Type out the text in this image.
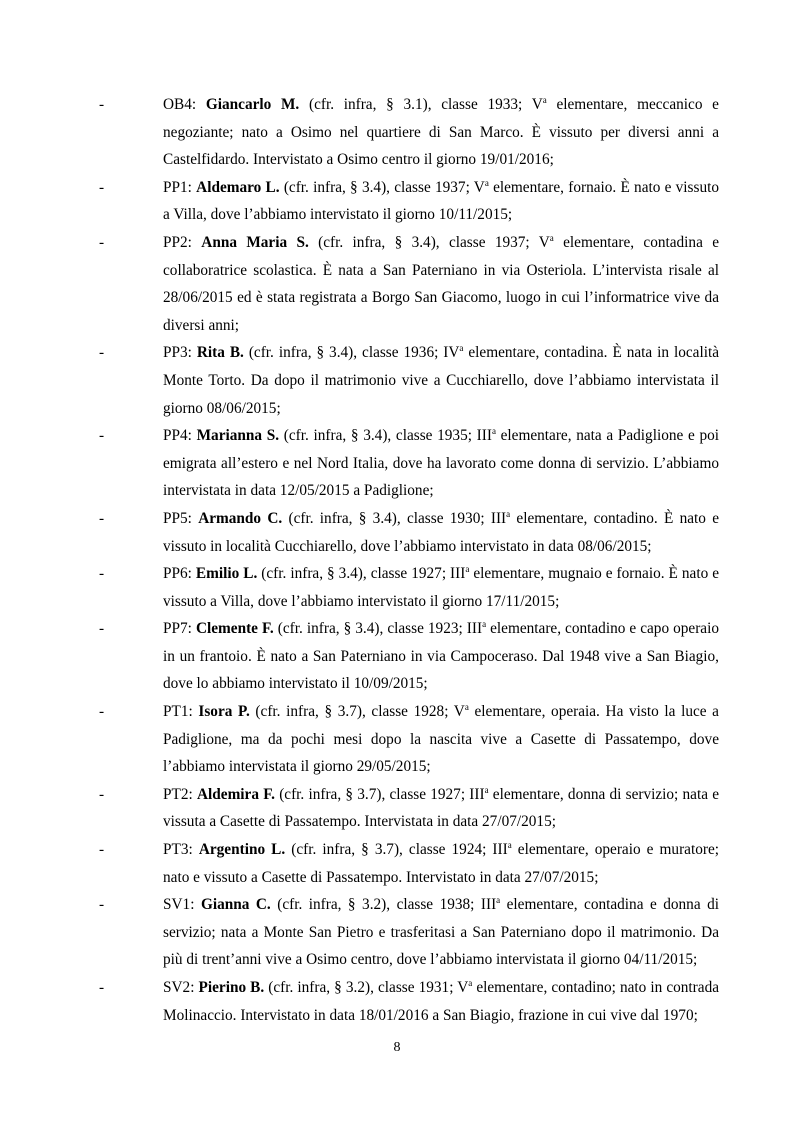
-	OB4: Giancarlo M. (cfr. infra, § 3.1), classe 1933; $V^a$ elementare, meccanico e negoziante; nato a Osimo nel quartiere di San Marco. È vissuto per diversi anni a Castelfidardo. Intervistato a Osimo centro il giorno 19/01/2016;
-	PP1: Aldemaro L. (cfr. infra, § 3.4), classe 1937; $V^a$ elementare, fornaio. È nato e vissuto a Villa, dove l’abbiamo intervistato il giorno 10/11/2015;
-	PP2: Anna Maria S. (cfr. infra, § 3.4), classe 1937; $V^a$ elementare, contadina e collaboratrice scolastica. È nata a San Paterniano in via Osteriola. L’intervista risale al 28/06/2015 ed è stata registrata a Borgo San Giacomo, luogo in cui l’informatrice vive da diversi anni;
-	PP3: Rita B. (cfr. infra, § 3.4), classe 1936; $IV^a$ elementare, contadina. È nata in località Monte Torto. Da dopo il matrimonio vive a Cucchiarello, dove l’abbiamo intervistata il giorno 08/06/2015;
-	PP4: Marianna S. (cfr. infra, § 3.4), classe 1935; III$^a$ elementare, nata a Padiglione e poi emigrata all’estero e nel Nord Italia, dove ha lavorato come donna di servizio. L’abbiamo intervistata in data 12/05/2015 a Padiglione;
-	PP5: Armando C. (cfr. infra, § 3.4), classe 1930; III$^a$ elementare, contadino. È nato e vissuto in località Cucchiarello, dove l’abbiamo intervistato in data 08/06/2015;
-	PP6: Emilio L. (cfr. infra, § 3.4), classe 1927; III$^a$ elementare, mugnaio e fornaio. È nato e vissuto a Villa, dove l’abbiamo intervistato il giorno 17/11/2015;
-	PP7: Clemente F. (cfr. infra, § 3.4), classe 1923; III$^a$ elementare, contadino e capo operaio in un frantoio. È nato a San Paterniano in via Campoceraso. Dal 1948 vive a San Biagio, dove lo abbiamo intervistato il 10/09/2015;
-	PT1: Isora P. (cfr. infra, § 3.7), classe 1928; $V^a$ elementare, operaia. Ha visto la luce a Padiglione, ma da pochi mesi dopo la nascita vive a Casette di Passatempo, dove l’abbiamo intervistata il giorno 29/05/2015;
-	PT2: Aldemira F. (cfr. infra, § 3.7), classe 1927; III$^a$ elementare, donna di servizio; nata e vissuta a Casette di Passatempo. Intervistata in data 27/07/2015;
-	PT3: Argentino L. (cfr. infra, § 3.7), classe 1924; III$^a$ elementare, operaio e muratore; nato e vissuto a Casette di Passatempo. Intervistato in data 27/07/2015;
-	SV1: Gianna C. (cfr. infra, § 3.2), classe 1938; III$^a$ elementare, contadina e donna di servizio; nata a Monte San Pietro e trasferitasi a San Paterniano dopo il matrimonio. Da più di trent’anni vive a Osimo centro, dove l’abbiamo intervistata il giorno 04/11/2015;
-	SV2: Pierino B. (cfr. infra, § 3.2), classe 1931; $V^a$ elementare, contadino; nato in contrada Molinaccio. Intervistato in data 18/01/2016 a San Biagio, frazione in cui vive dal 1970;
8
